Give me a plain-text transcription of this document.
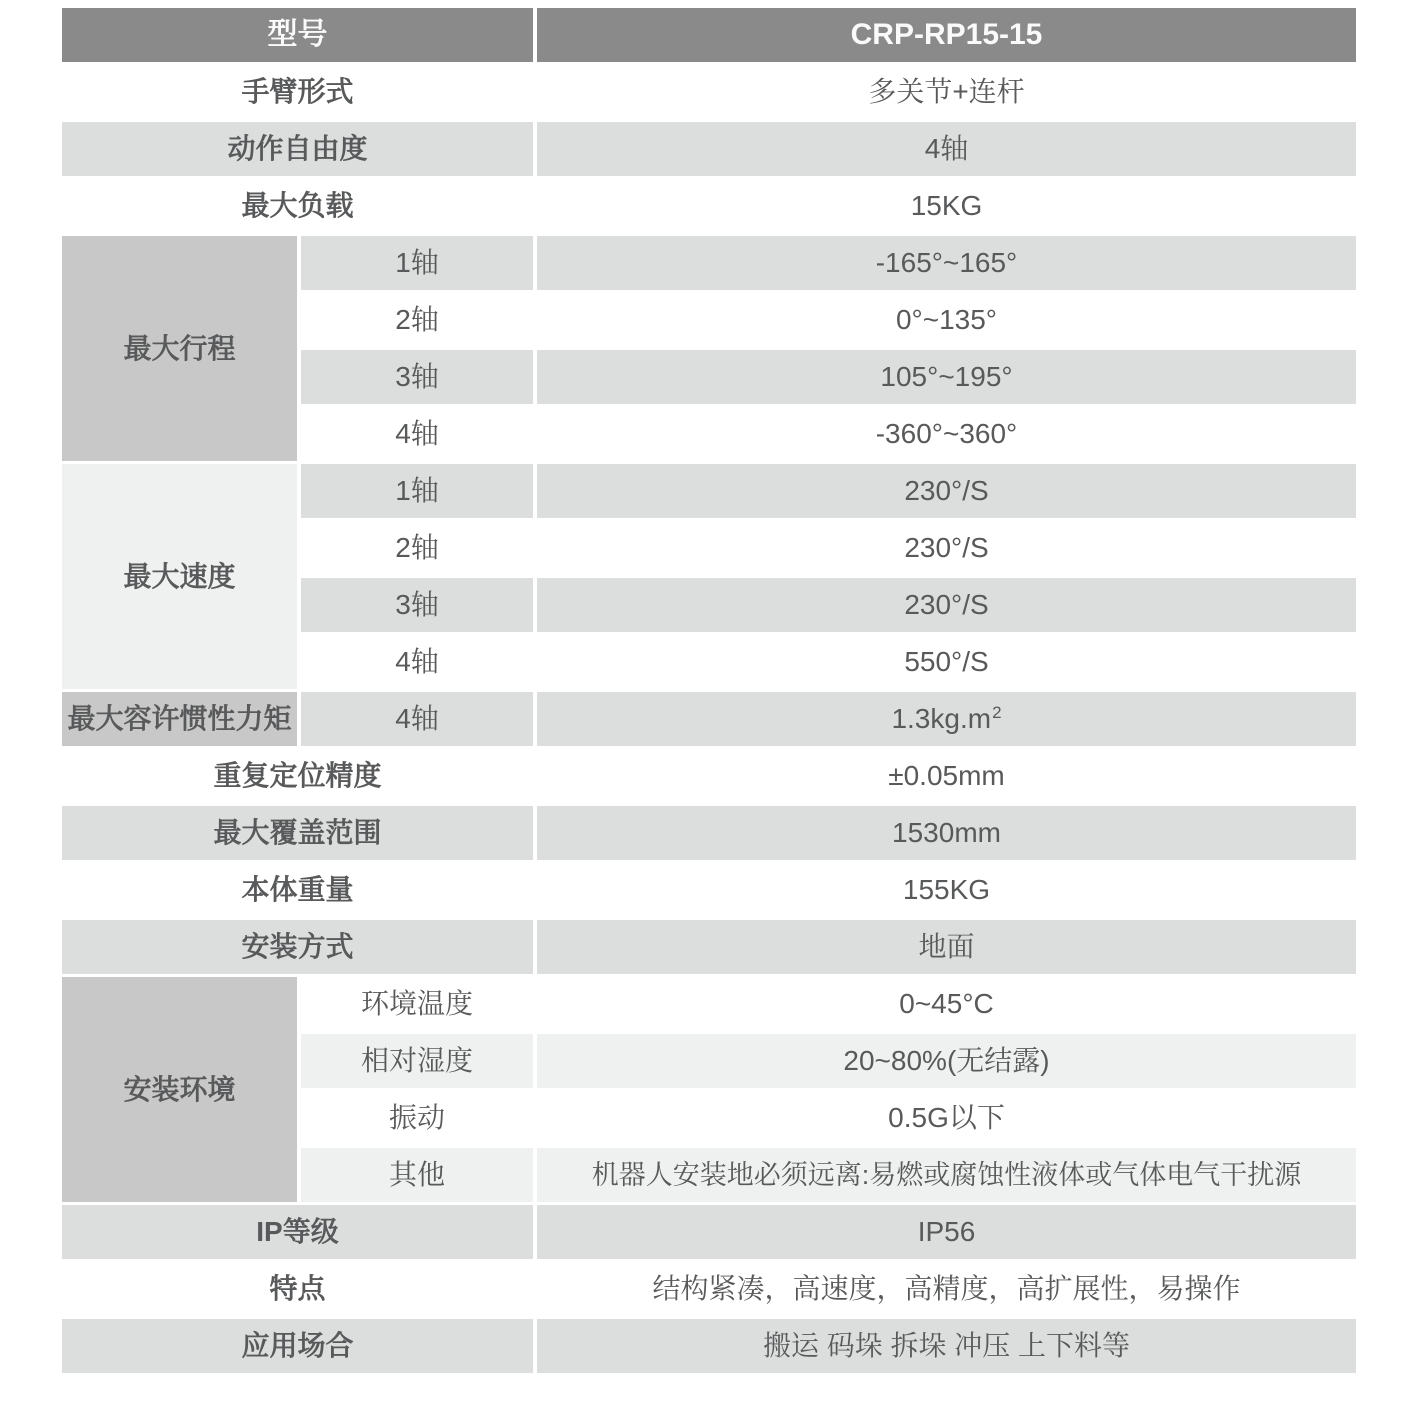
型号	CRP-RP15-15
手臂形式	多关节+连杆
动作自由度	4轴
最大负载	15KG
最大行程
1轴	-165°~165°
2轴	0°~135°
3轴	105°~195°
4轴	-360°~360°
最大速度
1轴	230°/S
2轴	230°/S
3轴	230°/S
4轴	550°/S
最大容许惯性力矩	4轴	$1.3kg.m^2$
重复定位精度	±0.05mm
最大覆盖范围	1530mm
本体重量	155KG
安装方式	地面
安装环境
环境温度	0~45°C
相对湿度	20~80%(无结露)
振动	0.5G以下
其他	机器人安装地必须远离:易燃或腐蚀性液体或气体电气干扰源
IP等级	IP56
特点	结构紧凑，高速度，高精度，高扩展性，易操作
应用场合	搬运 码垛 拆垛 冲压 上下料等
